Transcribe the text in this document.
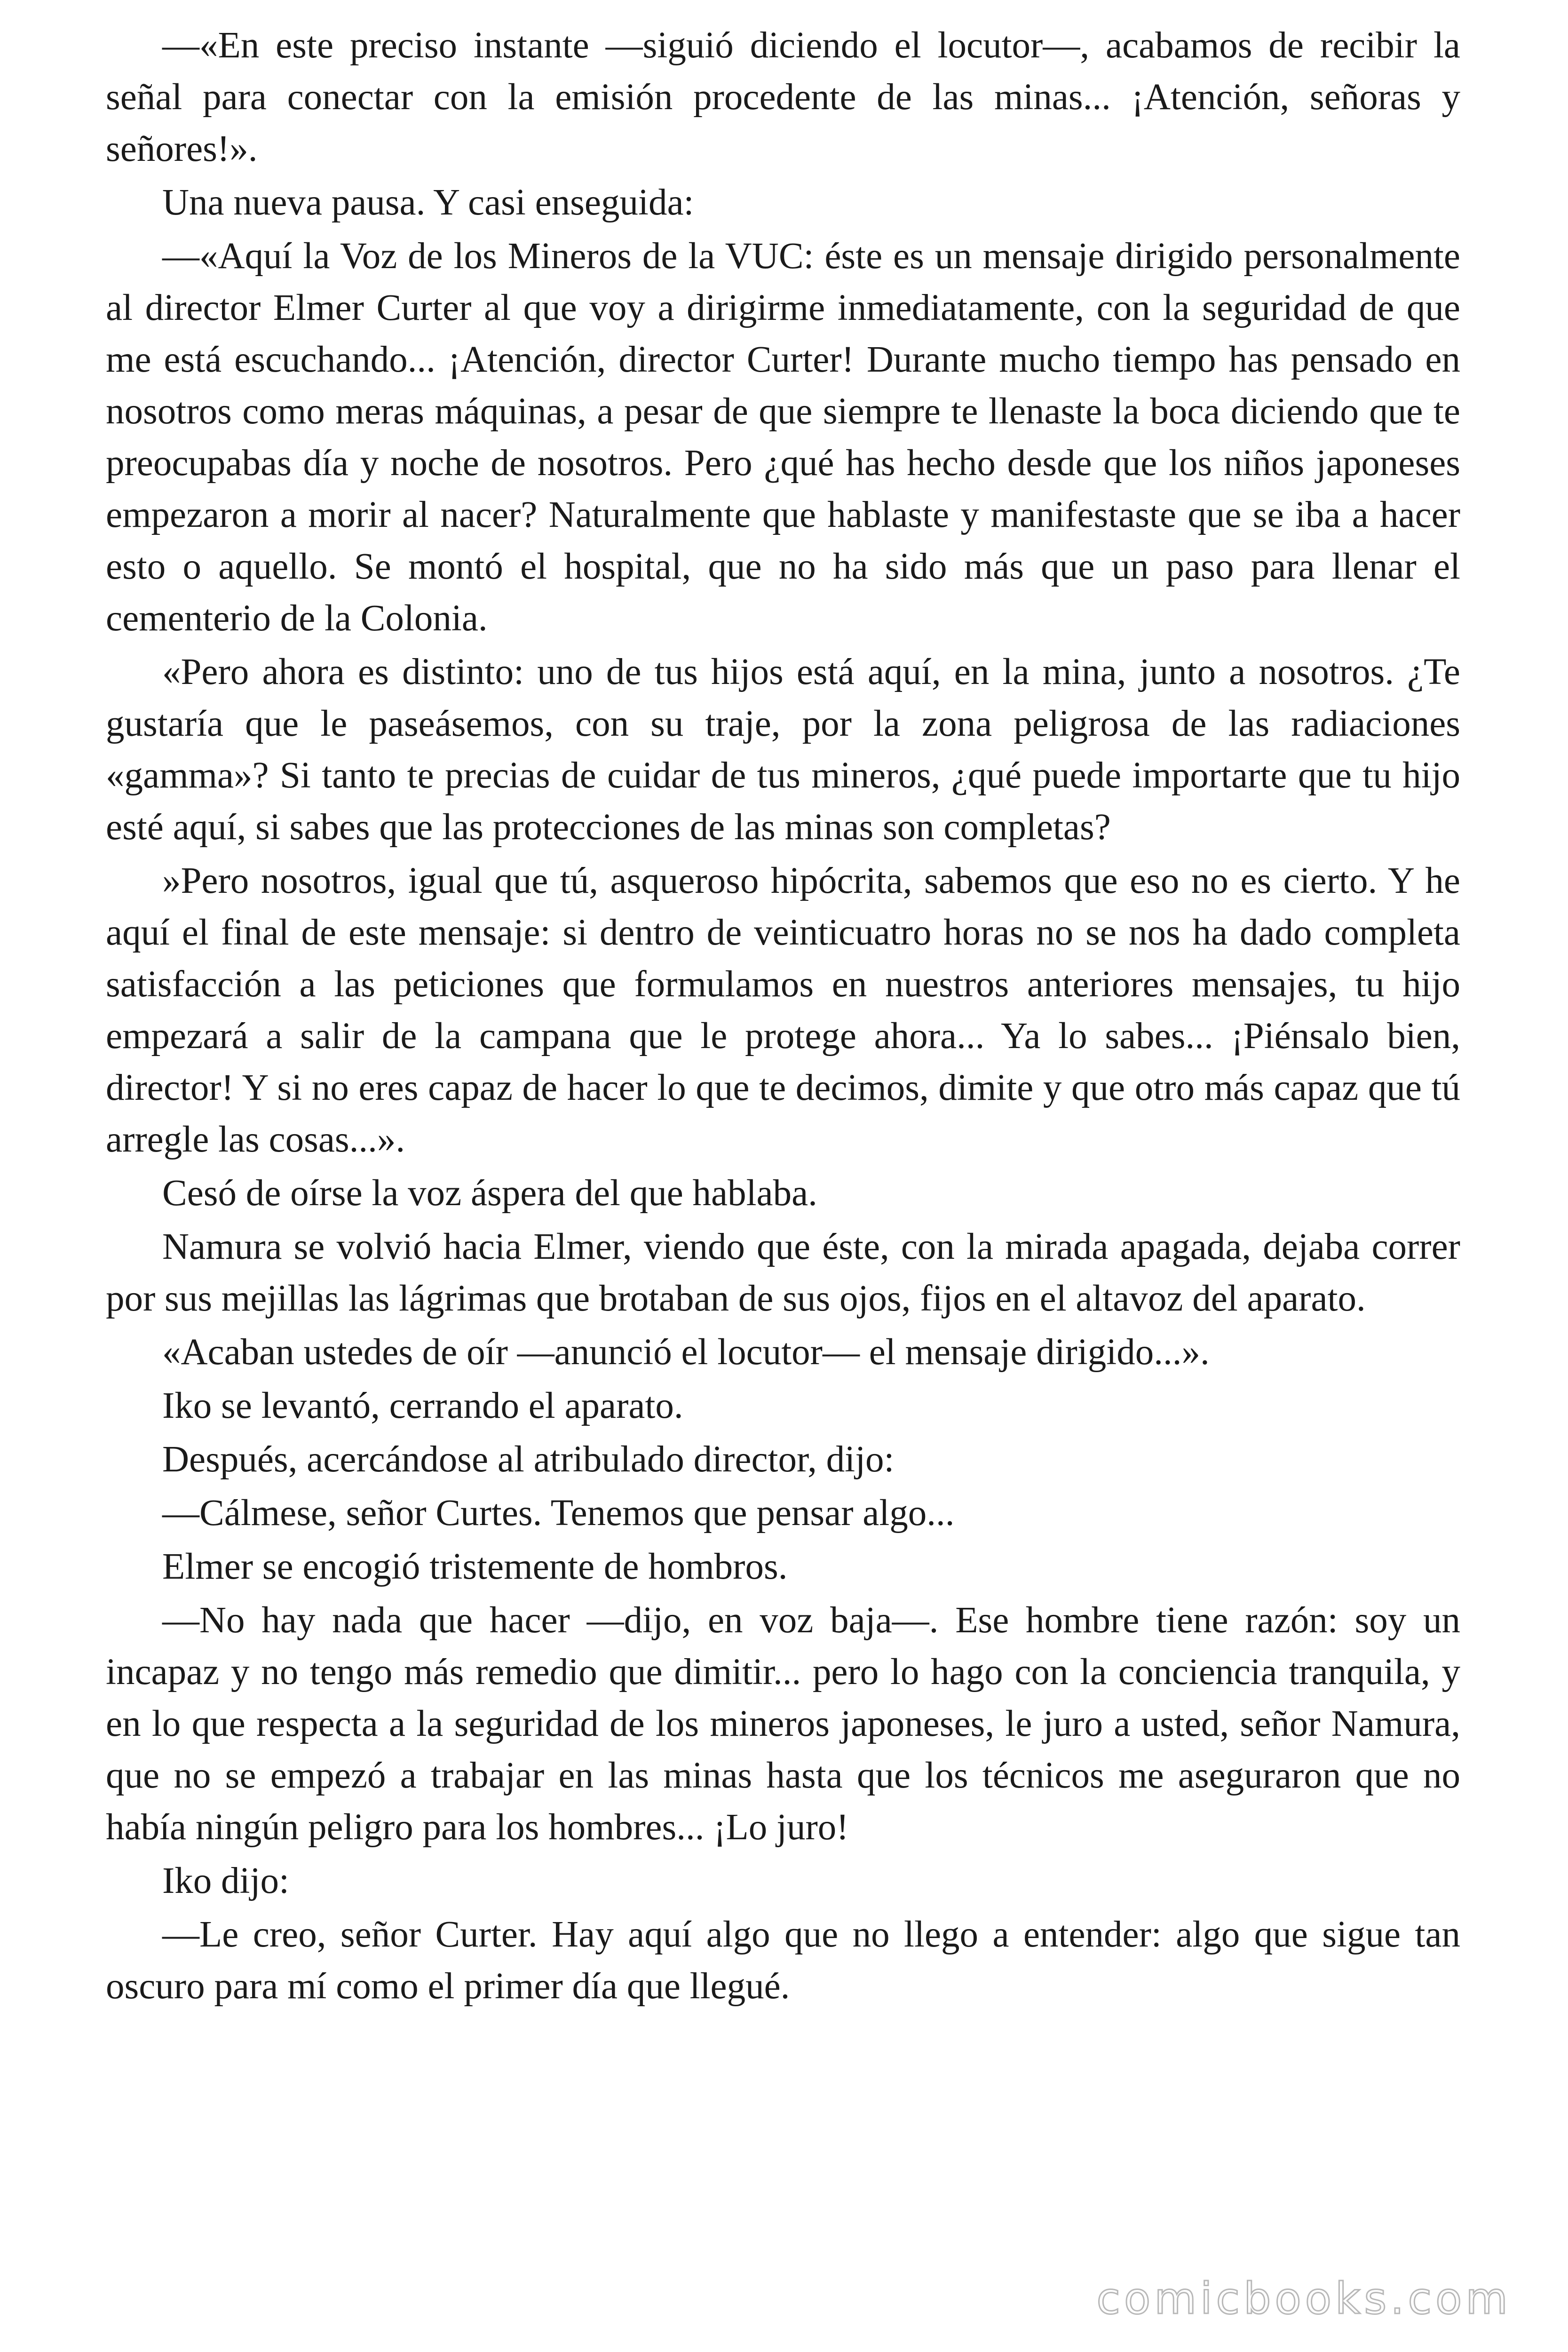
—«En este preciso instante —siguió diciendo el locutor—, acabamos de recibir la señal para conectar con la emisión procedente de las minas... ¡Atención, señoras y señores!».

Una nueva pausa. Y casi enseguida:

—«Aquí la Voz de los Mineros de la VUC: éste es un mensaje dirigido personalmente al director Elmer Curter al que voy a dirigirme inmediatamente, con la seguridad de que me está escuchando... ¡Atención, director Curter! Durante mucho tiempo has pensado en nosotros como meras máquinas, a pesar de que siempre te llenaste la boca diciendo que te preocupabas día y noche de nosotros. Pero ¿qué has hecho desde que los niños japoneses empezaron a morir al nacer? Naturalmente que hablaste y manifestaste que se iba a hacer esto o aquello. Se montó el hospital, que no ha sido más que un paso para llenar el cementerio de la Colonia.

«Pero ahora es distinto: uno de tus hijos está aquí, en la mina, junto a nosotros. ¿Te gustaría que le paseásemos, con su traje, por la zona peligrosa de las radiaciones «gamma»? Si tanto te precias de cuidar de tus mineros, ¿qué puede importarte que tu hijo esté aquí, si sabes que las protecciones de las minas son completas?

»Pero nosotros, igual que tú, asqueroso hipócrita, sabemos que eso no es cierto. Y he aquí el final de este mensaje: si dentro de veinticuatro horas no se nos ha dado completa satisfacción a las peticiones que formulamos en nuestros anteriores mensajes, tu hijo empezará a salir de la campana que le protege ahora... Ya lo sabes... ¡Piénsalo bien, director! Y si no eres capaz de hacer lo que te decimos, dimite y que otro más capaz que tú arregle las cosas...».

Cesó de oírse la voz áspera del que hablaba.

Namura se volvió hacia Elmer, viendo que éste, con la mirada apagada, dejaba correr por sus mejillas las lágrimas que brotaban de sus ojos, fijos en el altavoz del aparato.

«Acaban ustedes de oír —anunció el locutor— el mensaje dirigido...».

Iko se levantó, cerrando el aparato.

Después, acercándose al atribulado director, dijo:

—Cálmese, señor Curtes. Tenemos que pensar algo...

Elmer se encogió tristemente de hombros.

—No hay nada que hacer —dijo, en voz baja—. Ese hombre tiene razón: soy un incapaz y no tengo más remedio que dimitir... pero lo hago con la conciencia tranquila, y en lo que respecta a la seguridad de los mineros japoneses, le juro a usted, señor Namura, que no se empezó a trabajar en las minas hasta que los técnicos me aseguraron que no había ningún peligro para los hombres... ¡Lo juro!

Iko dijo:

—Le creo, señor Curter. Hay aquí algo que no llego a entender: algo que sigue tan oscuro para mí como el primer día que llegué.

comicbooks.com
